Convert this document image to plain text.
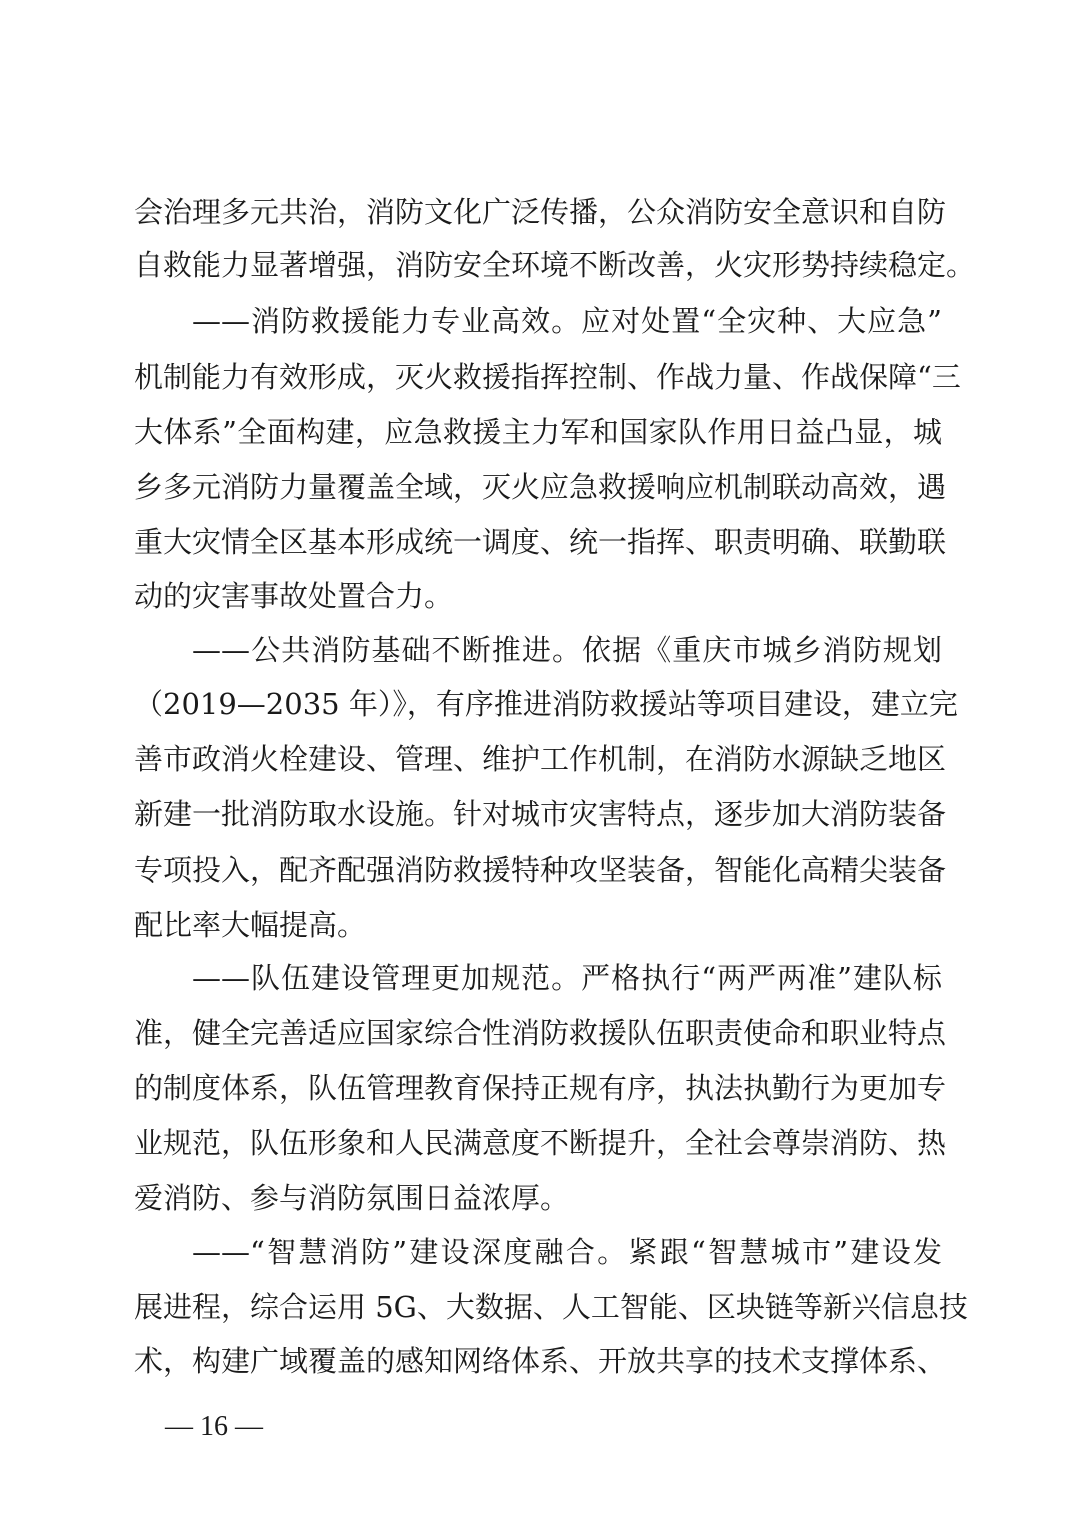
会治理多元共治，消防文化广泛传播，公众消防安全意识和自防
自救能力显著增强，消防安全环境不断改善，火灾形势持续稳定。
——消防救援能力专业高效。应对处置“全灾种、大应急”
机制能力有效形成，灭火救援指挥控制、作战力量、作战保障“三
大体系”全面构建，应急救援主力军和国家队作用日益凸显，城
乡多元消防力量覆盖全域，灭火应急救援响应机制联动高效，遇
重大灾情全区基本形成统一调度、统一指挥、职责明确、联勤联
动的灾害事故处置合力。
——公共消防基础不断推进。依据《重庆市城乡消防规划
（2019—2035 年）》，有序推进消防救援站等项目建设，建立完
善市政消火栓建设、管理、维护工作机制，在消防水源缺乏地区
新建一批消防取水设施。针对城市灾害特点，逐步加大消防装备
专项投入，配齐配强消防救援特种攻坚装备，智能化高精尖装备
配比率大幅提高。
——队伍建设管理更加规范。严格执行“两严两准”建队标
准，健全完善适应国家综合性消防救援队伍职责使命和职业特点
的制度体系，队伍管理教育保持正规有序，执法执勤行为更加专
业规范，队伍形象和人民满意度不断提升，全社会尊崇消防、热
爱消防、参与消防氛围日益浓厚。
——“智慧消防”建设深度融合。紧跟“智慧城市”建设发
展进程，综合运用 5G、大数据、人工智能、区块链等新兴信息技
术，构建广域覆盖的感知网络体系、开放共享的技术支撑体系、
— 16 —
